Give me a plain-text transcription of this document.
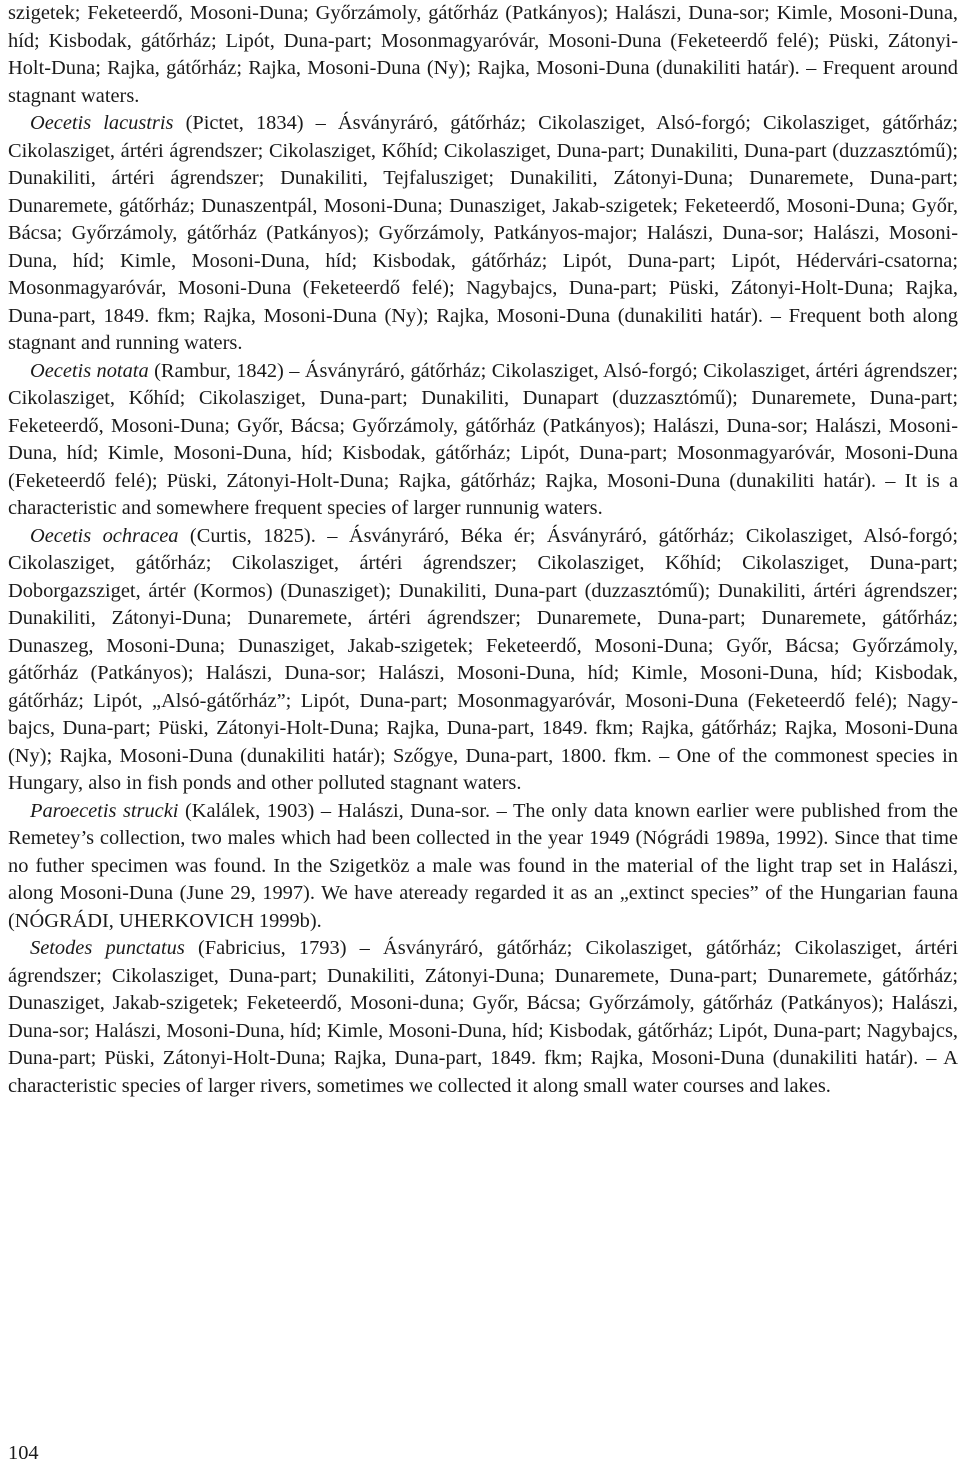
szigetek; Feketeerdő, Mosoni-Duna; Győrzámoly, gátőrház (Patkányos); Halászi, Duna-sor; Kimle, Mosoni-Duna, híd; Kisbodak, gátőrház; Lipót, Duna-part; Mosonmagyaróvár, Mosoni-Duna (Feketeerdő felé); Püski, Zátonyi-Holt-Duna; Rajka, gátőrház; Rajka, Mosoni-Duna (Ny); Rajka, Mosoni-Duna (dunakiliti határ). – Frequent around stagnant waters.

Oecetis lacustris (Pictet, 1834) – Ásványráró, gátőrház; Cikolasziget, Alsó-forgó; Cikolasziget, gátőrház; Cikolasziget, ártéri ágrendszer; Cikolasziget, Kőhíd; Cikolasziget, Duna-part; Dunakiliti, Duna-part (duzzasztómű); Dunakiliti, ártéri ágrendszer; Dunakiliti, Tejfalusziget; Dunakiliti, Zátonyi-Duna; Dunaremete, Duna-part; Dunaremete, gátőrház; Dunaszentpál, Mosoni-Duna; Dunasziget, Jakab-szigetek; Feketeerdő, Mosoni-Duna; Győr, Bácsa; Győrzámoly, gátőrház (Patkányos); Győrzámoly, Patkányos-major; Halászi, Duna-sor; Halászi, Mosoni-Duna, híd; Kimle, Mosoni-Duna, híd; Kisbodak, gátőrház; Lipót, Duna-part; Lipót, Hédervári-csatorna; Mosonmagyaróvár, Mosoni-Duna (Feketeerdő felé); Nagybajcs, Duna-part; Püski, Zátonyi-Holt-Duna; Rajka, Duna-part, 1849. fkm; Rajka, Mosoni-Duna (Ny); Rajka, Mosoni-Duna (dunakiliti határ). – Frequent both along stagnant and running waters.

Oecetis notata (Rambur, 1842) – Ásványráró, gátőrház; Cikolasziget, Alsó-forgó; Cikolasziget, ártéri ágrendszer; Cikolasziget, Kőhíd; Cikolasziget, Duna-part; Dunakiliti, Dunapart (duzzasztómű); Dunaremete, Duna-part; Feketeerdő, Mosoni-Duna; Győr, Bácsa; Győrzámoly, gátőrház (Patkányos); Halászi, Duna-sor; Halászi, Mosoni-Duna, híd; Kimle, Mosoni-Duna, híd; Kisbodak, gátőrház; Lipót, Duna-part; Mosonmagyaróvár, Mosoni-Duna (Feketeerdő felé); Püski, Zátonyi-Holt-Duna; Rajka, gátőrház; Rajka, Mosoni-Duna (dunakiliti határ). – It is a characteristic and somewhere frequent species of larger runnunig waters.

Oecetis ochracea (Curtis, 1825). – Ásványráró, Béka ér; Ásványráró, gátőrház; Cikolasziget, Alsó-forgó; Cikolasziget, gátőrház; Cikolasziget, ártéri ágrendszer; Cikolasziget, Kőhíd; Cikolasziget, Duna-part; Doborgazsziget, ártér (Kormos) (Dunasziget); Dunakiliti, Duna-part (duzzasztómű); Dunakiliti, ártéri ágrendszer; Dunakiliti, Zátonyi-Duna; Dunaremete, ártéri ágrendszer; Dunaremete, Duna-part; Dunaremete, gátőrház; Dunaszeg, Mosoni-Duna; Dunasziget, Jakab-szigetek; Feketeerdő, Mosoni-Duna; Győr, Bácsa; Győrzámoly, gátőrház (Patkányos); Halászi, Duna-sor; Halászi, Mosoni-Duna, híd; Kimle, Mosoni-Duna, híd; Kisbodak, gátőrház; Lipót, „Alsó-gátőrház”; Lipót, Duna-part; Mosonmagyaróvár, Mosoni-Duna (Feketeerdő felé); Nagybajcs, Duna-part; Püski, Zátonyi-Holt-Duna; Rajka, Duna-part, 1849. fkm; Rajka, gátőrház; Rajka, Mosoni-Duna (Ny); Rajka, Mosoni-Duna (dunakiliti határ); Szőgye, Duna-part, 1800. fkm. – One of the commonest species in Hungary, also in fish ponds and other polluted stagnant waters.

Paroecetis strucki (Kalálek, 1903) – Halászi, Duna-sor. – The only data known earlier were published from the Remetey’s collection, two males which had been collected in the year 1949 (Nógrádi 1989a, 1992). Since that time no futher specimen was found. In the Szigetköz a male was found in the material of the light trap set in Halászi, along Mosoni-Duna (June 29, 1997). We have ateready regarded it as an „extinct species” of the Hungarian fauna (NÓGRÁDI, UHERKOVICH 1999b).

Setodes punctatus (Fabricius, 1793) – Ásványráró, gátőrház; Cikolasziget, gátőrház; Cikolasziget, ártéri ágrendszer; Cikolasziget, Duna-part; Dunakiliti, Zátonyi-Duna; Dunaremete, Duna-part; Dunaremete, gátőrház; Dunasziget, Jakab-szigetek; Feketeerdő, Mosoni-duna; Győr, Bácsa; Győrzámoly, gátőrház (Patkányos); Halászi, Duna-sor; Halászi, Mosoni-Duna, híd; Kimle, Mosoni-Duna, híd; Kisbodak, gátőrház; Lipót, Duna-part; Nagybajcs, Duna-part; Püski, Zátonyi-Holt-Duna; Rajka, Duna-part, 1849. fkm; Rajka, Mosoni-Duna (dunakiliti határ). – A characteristic species of larger rivers, sometimes we collected it along small water courses and lakes.

104
